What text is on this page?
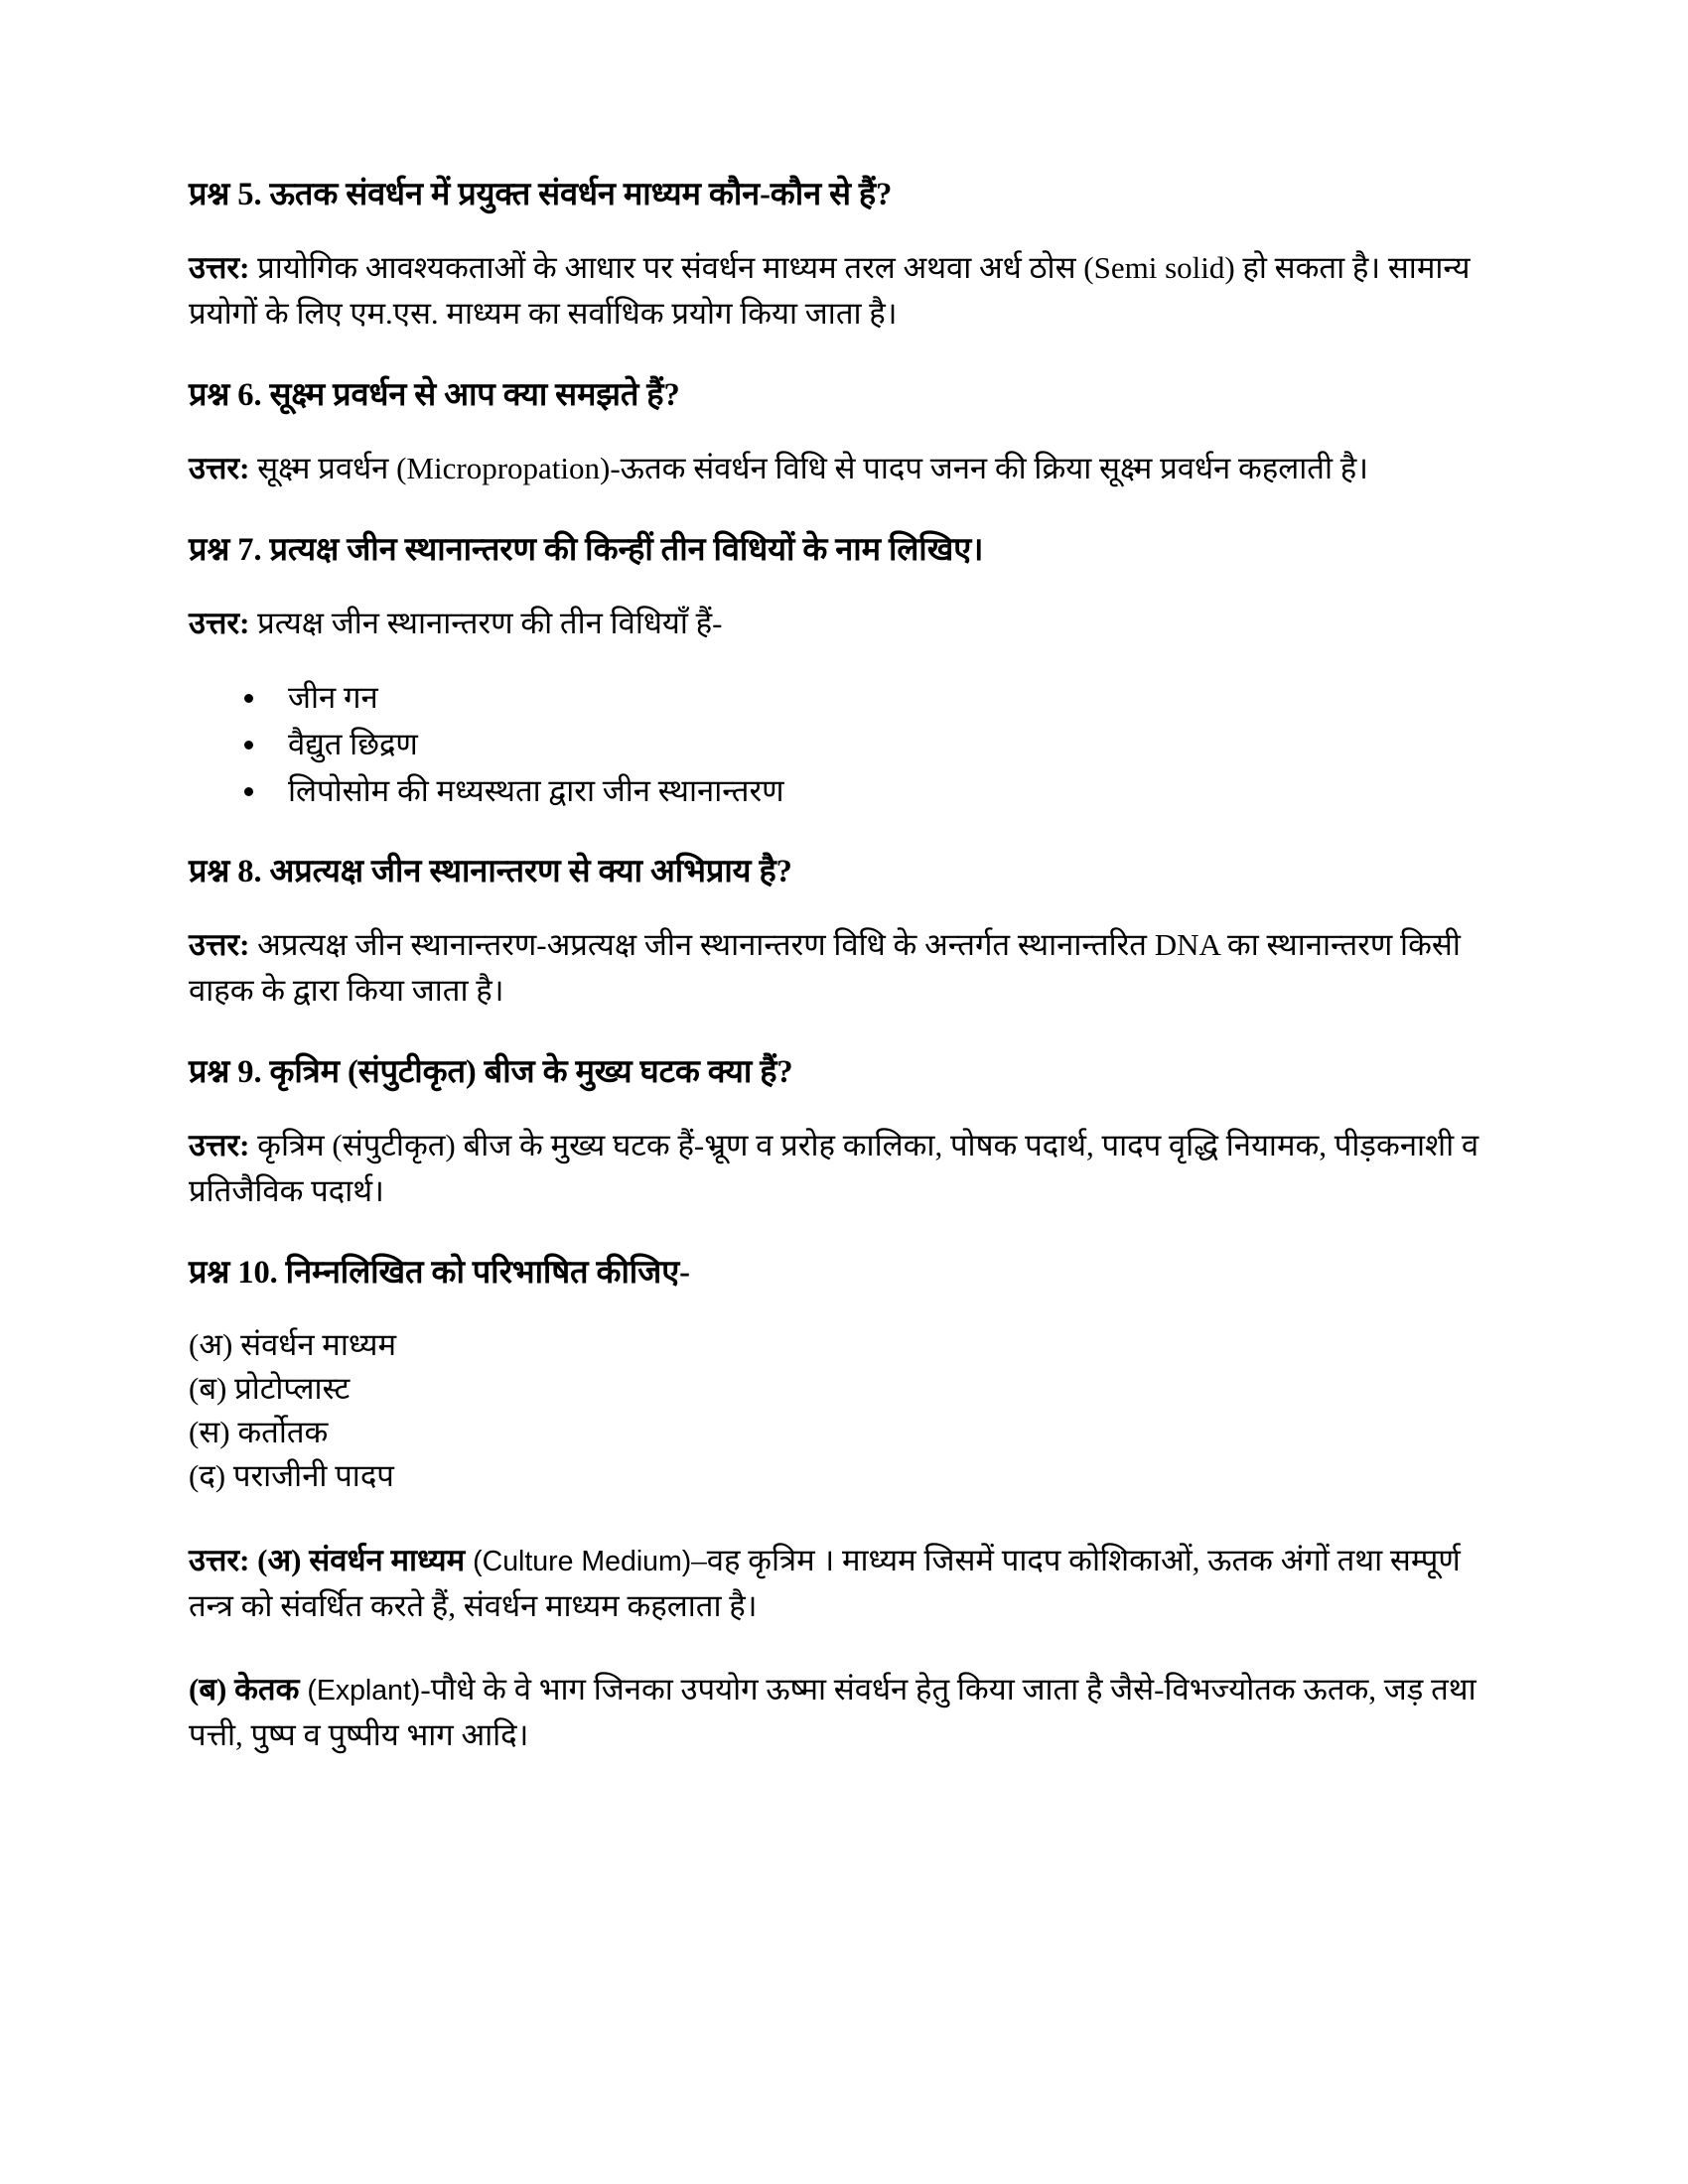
प्रश्न 5. ऊतक संवर्धन में प्रयुक्त संवर्धन माध्यम कौन-कौन से हैं?

उत्तर: प्रायोगिक आवश्यकताओं के आधार पर संवर्धन माध्यम तरल अथवा अर्ध ठोस (Semi solid) हो सकता है। सामान्य प्रयोगों के लिए एम.एस. माध्यम का सर्वाधिक प्रयोग किया जाता है।

प्रश्न 6. सूक्ष्म प्रवर्धन से आप क्या समझते हैं?

उत्तर: सूक्ष्म प्रवर्धन (Micropropation)-ऊतक संवर्धन विधि से पादप जनन की क्रिया सूक्ष्म प्रवर्धन कहलाती है।

प्रश्न 7. प्रत्यक्ष जीन स्थानान्तरण की किन्हीं तीन विधियों के नाम लिखिए।

उत्तर: प्रत्यक्ष जीन स्थानान्तरण की तीन विधियाँ हैं-

जीन गन
वैद्युत छिद्रण
लिपोसोम की मध्यस्थता द्वारा जीन स्थानान्तरण
प्रश्न 8. अप्रत्यक्ष जीन स्थानान्तरण से क्या अभिप्राय है?

उत्तर: अप्रत्यक्ष जीन स्थानान्तरण-अप्रत्यक्ष जीन स्थानान्तरण विधि के अन्तर्गत स्थानान्तरित DNA का स्थानान्तरण किसी वाहक के द्वारा किया जाता है।

प्रश्न 9. कृत्रिम (संपुटीकृत) बीज के मुख्य घटक क्या हैं?

उत्तर: कृत्रिम (संपुटीकृत) बीज के मुख्य घटक हैं-भ्रूण व प्ररोह कालिका, पोषक पदार्थ, पादप वृद्धि नियामक, पीड़कनाशी व प्रतिजैविक पदार्थ।

प्रश्न 10. निम्नलिखित को परिभाषित कीजिए-
(अ) संवर्धन माध्यम
(ब) प्रोटोप्लास्ट
(स) कर्तोतक
(द) पराजीनी पादप

उत्तर: (अ) संवर्धन माध्यम (Culture Medium)–वह कृत्रिम । माध्यम जिसमें पादप कोशिकाओं, ऊतक अंगों तथा सम्पूर्ण तन्त्र को संवर्धित करते हैं, संवर्धन माध्यम कहलाता है।

(ब) केतक (Explant)-पौधे के वे भाग जिनका उपयोग ऊष्मा संवर्धन हेतु किया जाता है जैसे-विभज्योतक ऊतक, जड़ तथा पत्ती, पुष्प व पुष्पीय भाग आदि।
